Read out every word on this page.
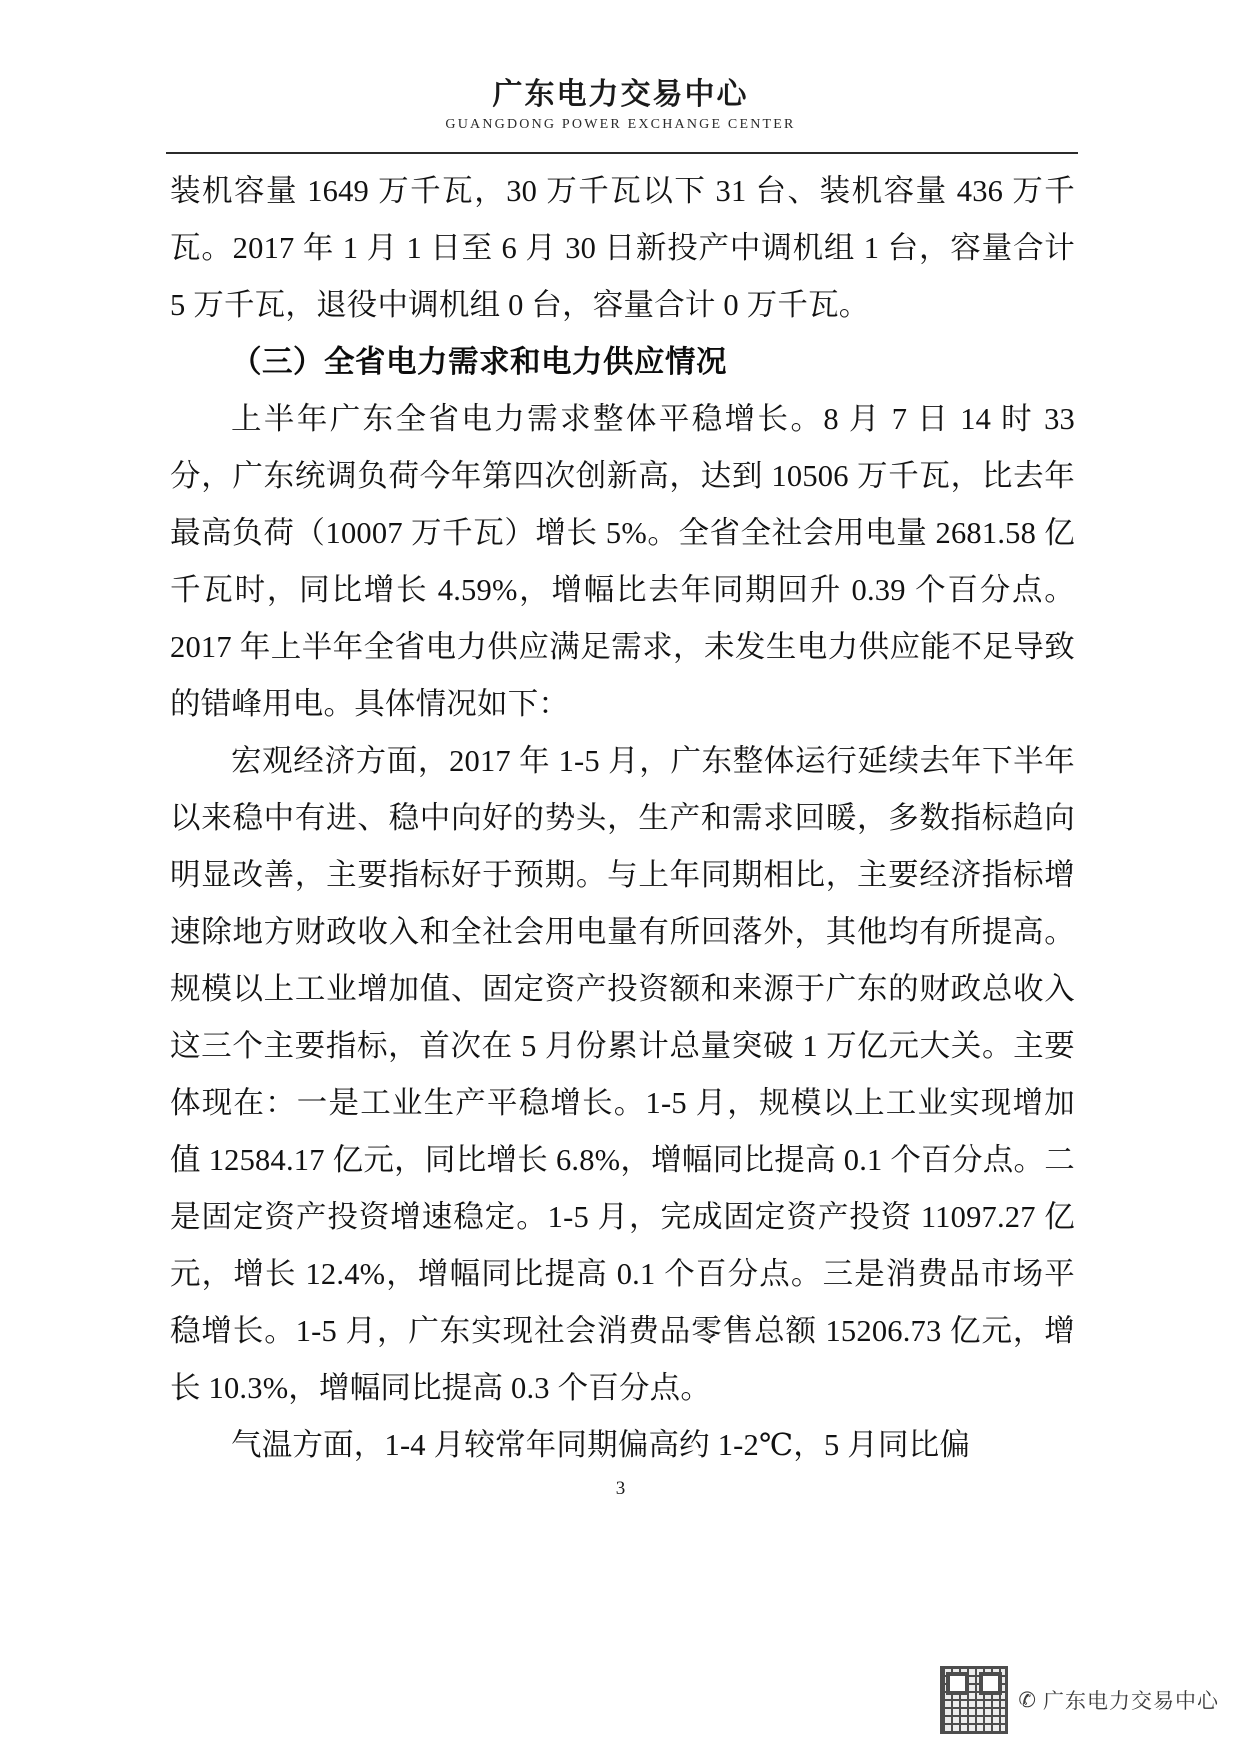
广东电力交易中心
GUANGDONG POWER EXCHANGE CENTER

装机容量 1649 万千瓦，30 万千瓦以下 31 台、装机容量 436 万千瓦。2017 年 1 月 1 日至 6 月 30 日新投产中调机组 1 台，容量合计 5 万千瓦，退役中调机组 0 台，容量合计 0 万千瓦。

（三）全省电力需求和电力供应情况

上半年广东全省电力需求整体平稳增长。8 月 7 日 14 时 33 分，广东统调负荷今年第四次创新高，达到 10506 万千瓦，比去年最高负荷（10007 万千瓦）增长 5%。全省全社会用电量 2681.58 亿千瓦时，同比增长 4.59%，增幅比去年同期回升 0.39 个百分点。2017 年上半年全省电力供应满足需求，未发生电力供应能不足导致的错峰用电。具体情况如下：

宏观经济方面，2017 年 1-5 月，广东整体运行延续去年下半年以来稳中有进、稳中向好的势头，生产和需求回暖，多数指标趋向明显改善，主要指标好于预期。与上年同期相比，主要经济指标增速除地方财政收入和全社会用电量有所回落外，其他均有所提高。规模以上工业增加值、固定资产投资额和来源于广东的财政总收入这三个主要指标，首次在 5 月份累计总量突破 1 万亿元大关。主要体现在：一是工业生产平稳增长。1-5 月，规模以上工业实现增加值 12584.17 亿元，同比增长 6.8%，增幅同比提高 0.1 个百分点。二是固定资产投资增速稳定。1-5 月，完成固定资产投资 11097.27 亿元，增长 12.4%，增幅同比提高 0.1 个百分点。三是消费品市场平稳增长。1-5 月，广东实现社会消费品零售总额 15206.73 亿元，增长 10.3%，增幅同比提高 0.3 个百分点。

气温方面，1-4 月较常年同期偏高约 1-2℃，5 月同比偏

3
✆ 广东电力交易中心
